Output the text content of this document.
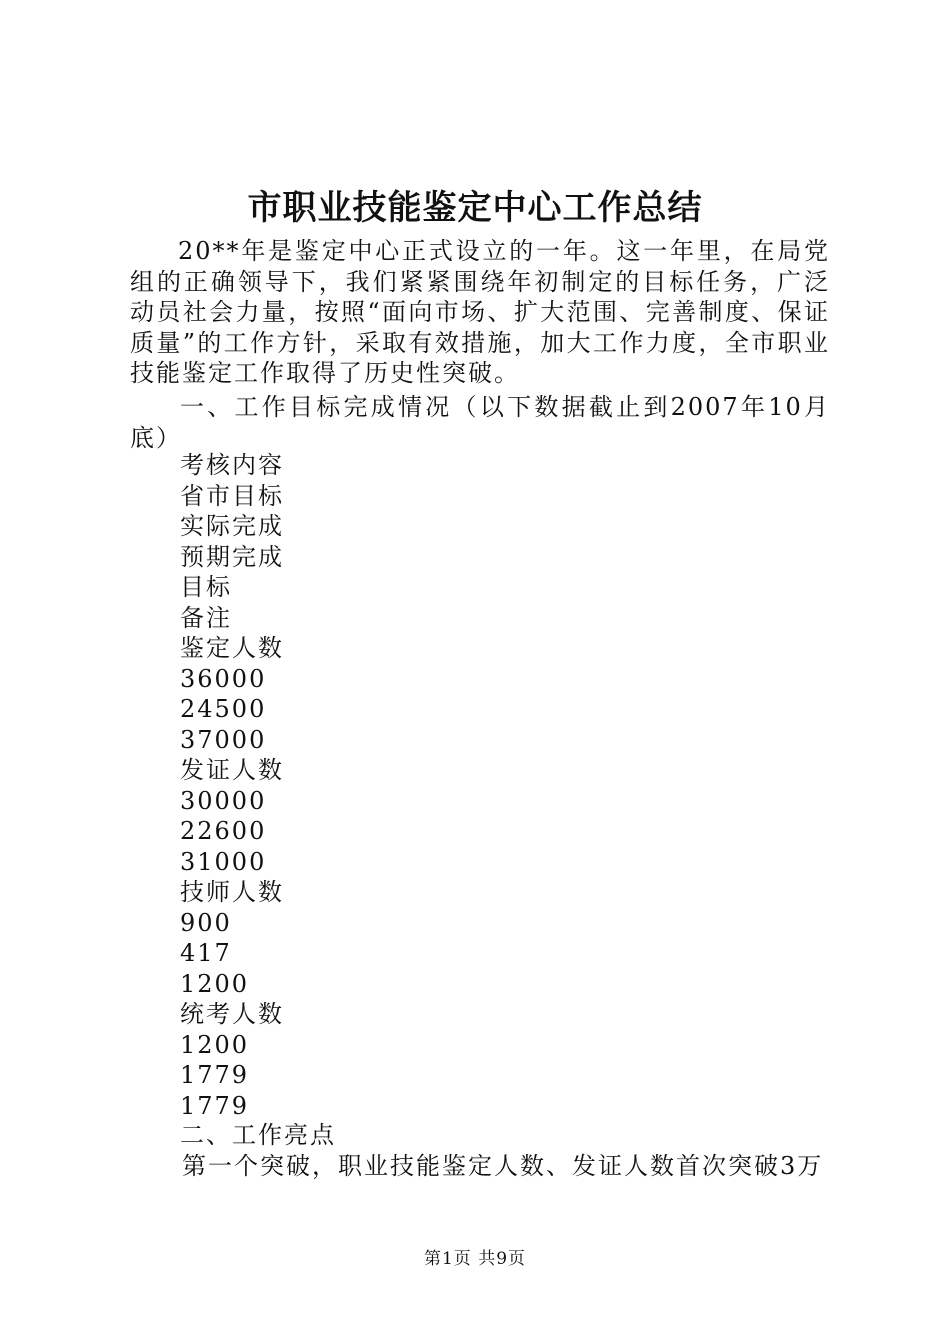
市职业技能鉴定中心工作总结
20**年是鉴定中心正式设立的一年。这一年里，在局党组的正确领导下，我们紧紧围绕年初制定的目标任务，广泛动员社会力量，按照“面向市场、扩大范围、完善制度、保证质量”的工作方针，采取有效措施，加大工作力度，全市职业技能鉴定工作取得了历史性突破。
一、工作目标完成情况（以下数据截止到2007年10月底）
考核内容
省市目标
实际完成
预期完成
目标
备注
鉴定人数
36000
24500
37000
发证人数
30000
22600
31000
技师人数
900
417
1200
统考人数
1200
1779
1779
二、工作亮点
第一个突破，职业技能鉴定人数、发证人数首次突破3万
第1页 共9页
